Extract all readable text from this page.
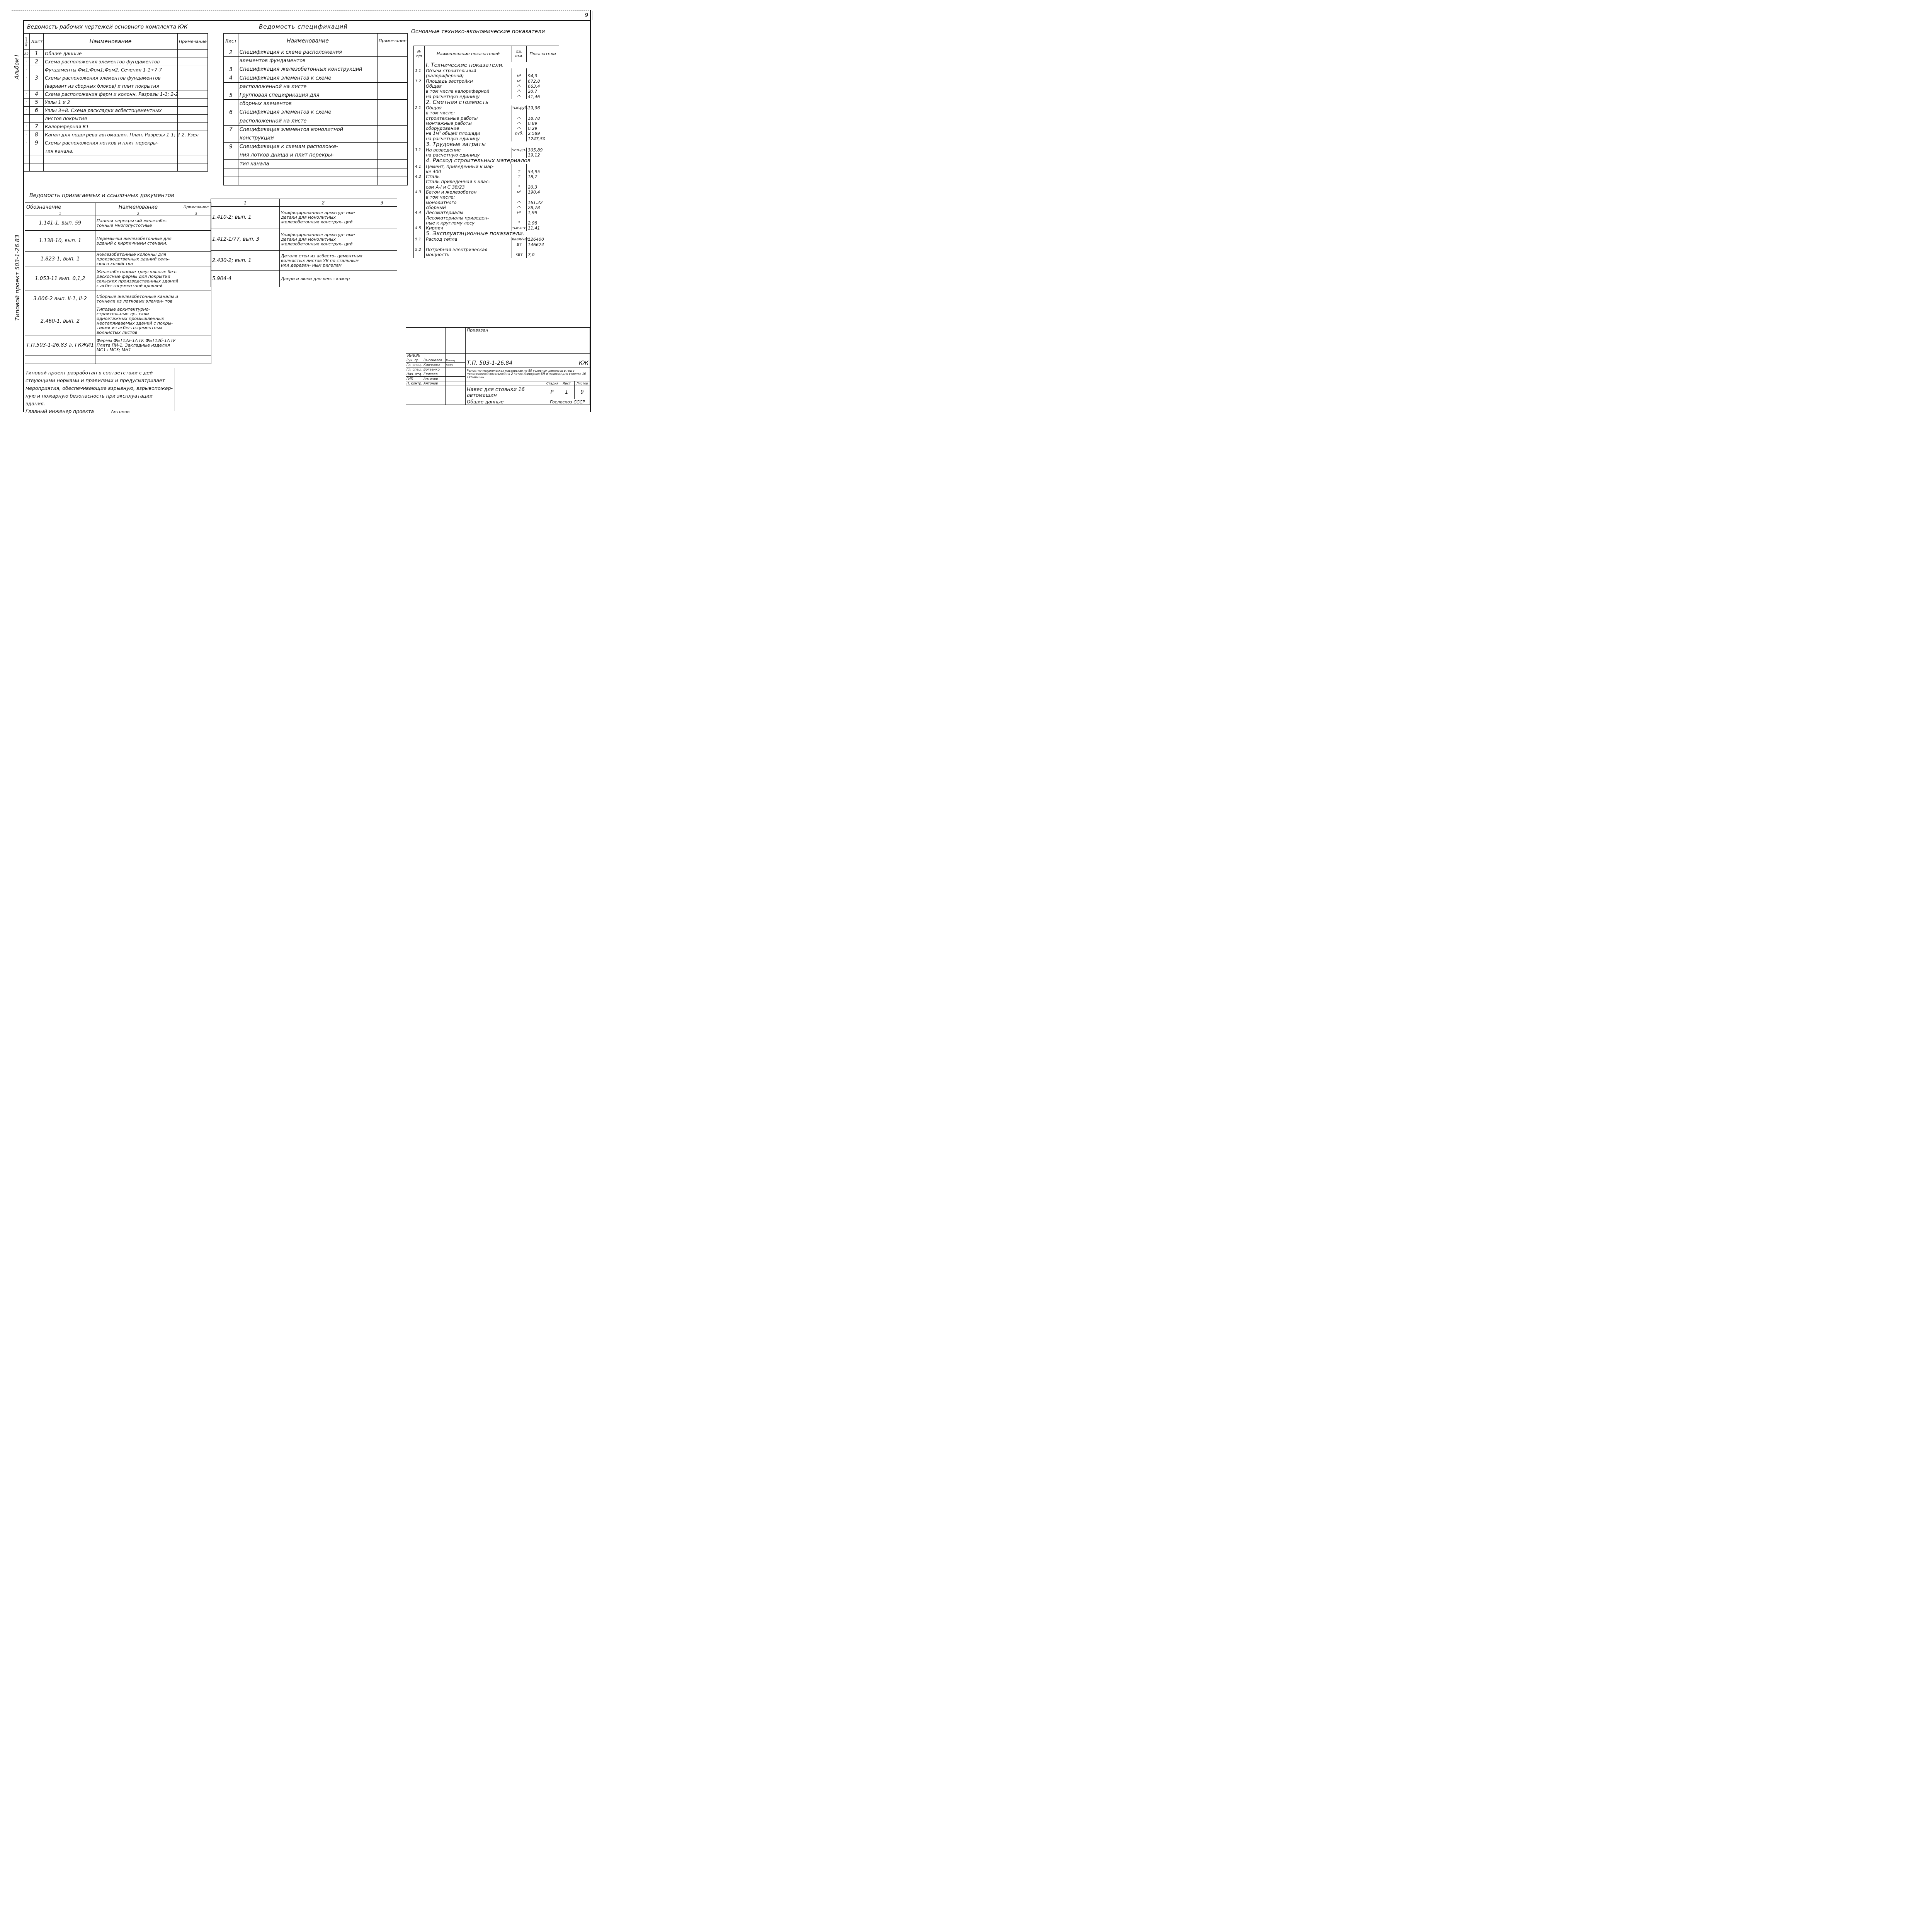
9
Альбом I
Типовой проект 503-1-26.83
Ведомость рабочих чертежей основного комплекта КЖ
Формат	Лист	Наименование	Примечание
А2	1	Общие данные	
"	2	Схема расположения элементов фундаментов	
"		Фундаменты Фм1;Фом1;Фом2. Сечения 1-1÷7-7	
"	3	Схемы расположения элементов фундаментов	
		(вариант из сборных блоков) и плит покрытия	
"	4	Схема расположения ферм и колонн. Разрезы 1-1; 2-2	
"	5	Узлы 1 и 2	
"	6	Узлы 3÷8. Схема раскладки асбестоцементных	
		листов покрытия	
"	7	Калориферная К1	
"	8	Канал для подогрева автомашин. План. Разрезы 1-1; 2-2. Узел	
"	9	Схемы расположения лотков и плит перекры-	
		тия канала.	

Ведомость спецификаций
Лист	Наименование	Примечание
2	Спецификация к схеме расположения	
	элементов фундаментов	
3	Спецификация железобетонных конструкций	
4	Спецификация элементов к схеме	
	расположенной на листе	
5	Групповая спецификация для	
	сборных элементов	
6	Спецификация элементов к схеме	
	расположенной на листе	
7	Спецификация элементов монолитной	
	конструкции	
9	Спецификация к схемам расположе-	
	ния лотков днища и плит перекры-	
	тия канала	

Основные технико-экономические показатели
№ п/п	Наименование показателей	Ед. изм.	Показатели
	I. Технические показатели.		
1.1	Объем строительный		
	(калориферной)	м³	94,9
1.2	Площадь застройки	м²	672,8
	Общая	-"-	663,4
	в том числе калориферной	-"-	20,7
	на расчетную единицу	-"-	41,46
	2. Сметная стоимость		
2.1	Общая	тыс.руб.	19,96
	в том числе:		
	строительные работы	-"-	18,78
	монтажные работы	-"-	0,89
	оборудование	-"-	0,29
	на 1м² общей площади	руб.	2,589
	на расчетную единицу		1247,50
	3. Трудовые затраты		
3.1	На возведение	чел.дн.	305,89
	на расчетную единицу		19,12
	4. Расход строительных материалов		
4.1	Цемент, приведенный к мар-		
	ке 400	т	54,95
4.2	Сталь	т	18,7
	Сталь приведенная к клас-		
	сам А-I и С 38/23	"	20,3
4.3	Бетон и железобетон	м³	190,4
	в том числе:		
	монолитного	-"-	161,22
	сборный	-"-	28,78
4.4	Лесоматериалы	м³	1,99
	Лесоматериалы приведен-		
	ные к круглому лесу	"	2,98
4.5	Кирпич	тыс.шт.	11,41
	5. Эксплуатационные показатели.		
5.1	Расход тепла	ккал/час	126400
		Вт	146624
5.2	Потребная электрическая		
	мощность	кВт	7,0
Ведомость прилагаемых и ссылочных документов
Обозначение	Наименование	Примечание
1	2	3
1.141-1, вып. 59	Панели перекрытий железобе- тонные многопустотные	
1.138-10, вып. 1	Перемычки железобетонные для зданий с кирпичными стенами.	
1.823-1, вып. 1	Железобетонные колонны для производственных зданий сель- ского хозяйства	
1.053-11 вып. 0,1,2	Железобетонные треугольные без- раскосные фермы для покрытий сельских производственных зданий с асбестоцементной кровлей	
3.006-2 вып. II-1, II-2	Сборные железобетонные каналы и тоннели из лотковых элемен- тов	
2.460-1, вып. 2	Типовые архитектурно-строительные де- тали одноэтажных промышленных неотапливаемых зданий с покры- тиями из асбесто-цементных волнистых листов	
Т.П.503-1-26.83 а. I КЖИ1	Фермы ФБТ12а-1А IV, ФБТ12б-1А IV Плита ПИ-1. Закладные изделия МС1÷МС3; МН1	

1	2	3
1.410-2; вып. 1	Унифицированные арматур- ные детали для монолитных железобетонных конструк- ций	
1.412-1/77, вып. 3	Унифицированные арматур- ные детали для монолитных железобетонных конструк- ций	
2.430-2; вып. 1	Детали стен из асбесто- цементных волнистых листов УВ по стальным или деревян- ным ригелям	
5.904-4	Двери и люки для вент- камер	
				Привязан			

Инв.№							
Рук. гр.	Высоколов	Высоц		Т.П. 503-1-26.84 КЖ			

Гл. спец.	Клочкова	Клоч					
Гл. спец.	Богаенко			Ремонтно-механическая мастерская на 80 условных ремонтов в год с пристроенной котельной на 2 котла Универсал-6М и навесом для стоянки 16 автомашин			
Нач. отд.	Елисеев						
ГИП	Антонов						
Н. контр.	Антонов				Стадия	Лист	Листов
				Навес для стоянки 16 автомашин	Р	1	9
				Общие данные	Гослесхоз СССР		
Типовой проект разработан в соответствии с дей-
ствующими нормами и правилами и предусматривает
мероприятия, обеспечивающие взрывную, взрывопожар-
ную и пожарную безопасность при эксплуатации
здания.
Главный инженер проекта	Антонов
